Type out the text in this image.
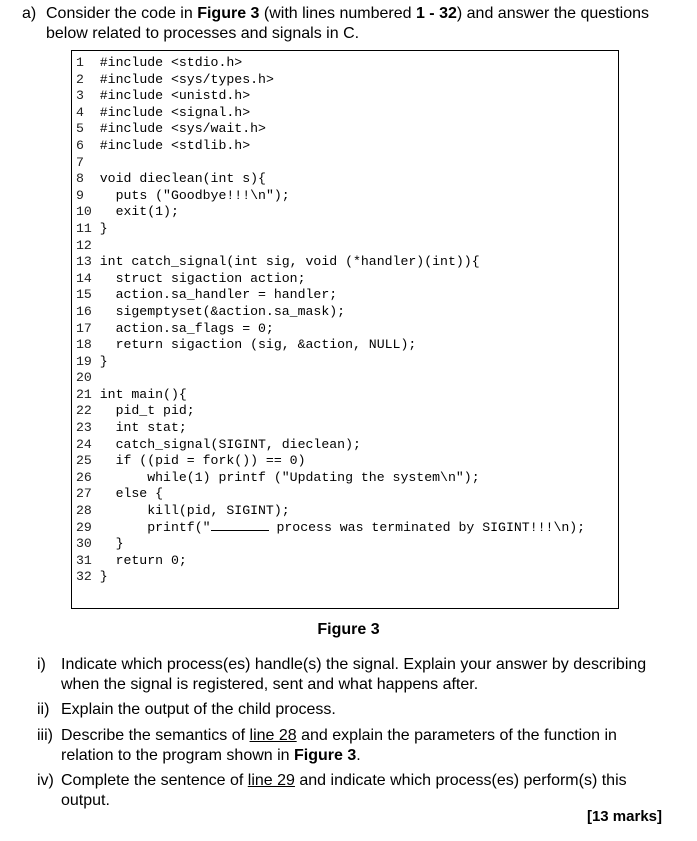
a) Consider the code in Figure 3 (with lines numbered 1 - 32) and answer the questions
below related to processes and signals in C.
1  #include <stdio.h>
2  #include <sys/types.h>
3  #include <unistd.h>
4  #include <signal.h>
5  #include <sys/wait.h>
6  #include <stdlib.h>
7
8  void dieclean(int s){
9    puts ("Goodbye!!!\n");
10   exit(1);
11 }
12
13 int catch_signal(int sig, void (*handler)(int)){
14   struct sigaction action;
15   action.sa_handler = handler;
16   sigemptyset(&action.sa_mask);
17   action.sa_flags = 0;
18   return sigaction (sig, &action, NULL);
19 }
20
21 int main(){
22   pid_t pid;
23   int stat;
24   catch_signal(SIGINT, dieclean);
25   if ((pid = fork()) == 0)
26       while(1) printf ("Updating the system\n");
27   else {
28       kill(pid, SIGINT);
29       printf("	process was terminated by SIGINT!!!\n);
30   }
31   return 0;
32 }
Figure 3
i) Indicate which process(es) handle(s) the signal. Explain your answer by describing
when the signal is registered, sent and what happens after.
ii) Explain the output of the child process.
iii) Describe the semantics of line 28 and explain the parameters of the function in
relation to the program shown in Figure 3.
iv) Complete the sentence of line 29 and indicate which process(es) perform(s) this
output.
[13 marks]
